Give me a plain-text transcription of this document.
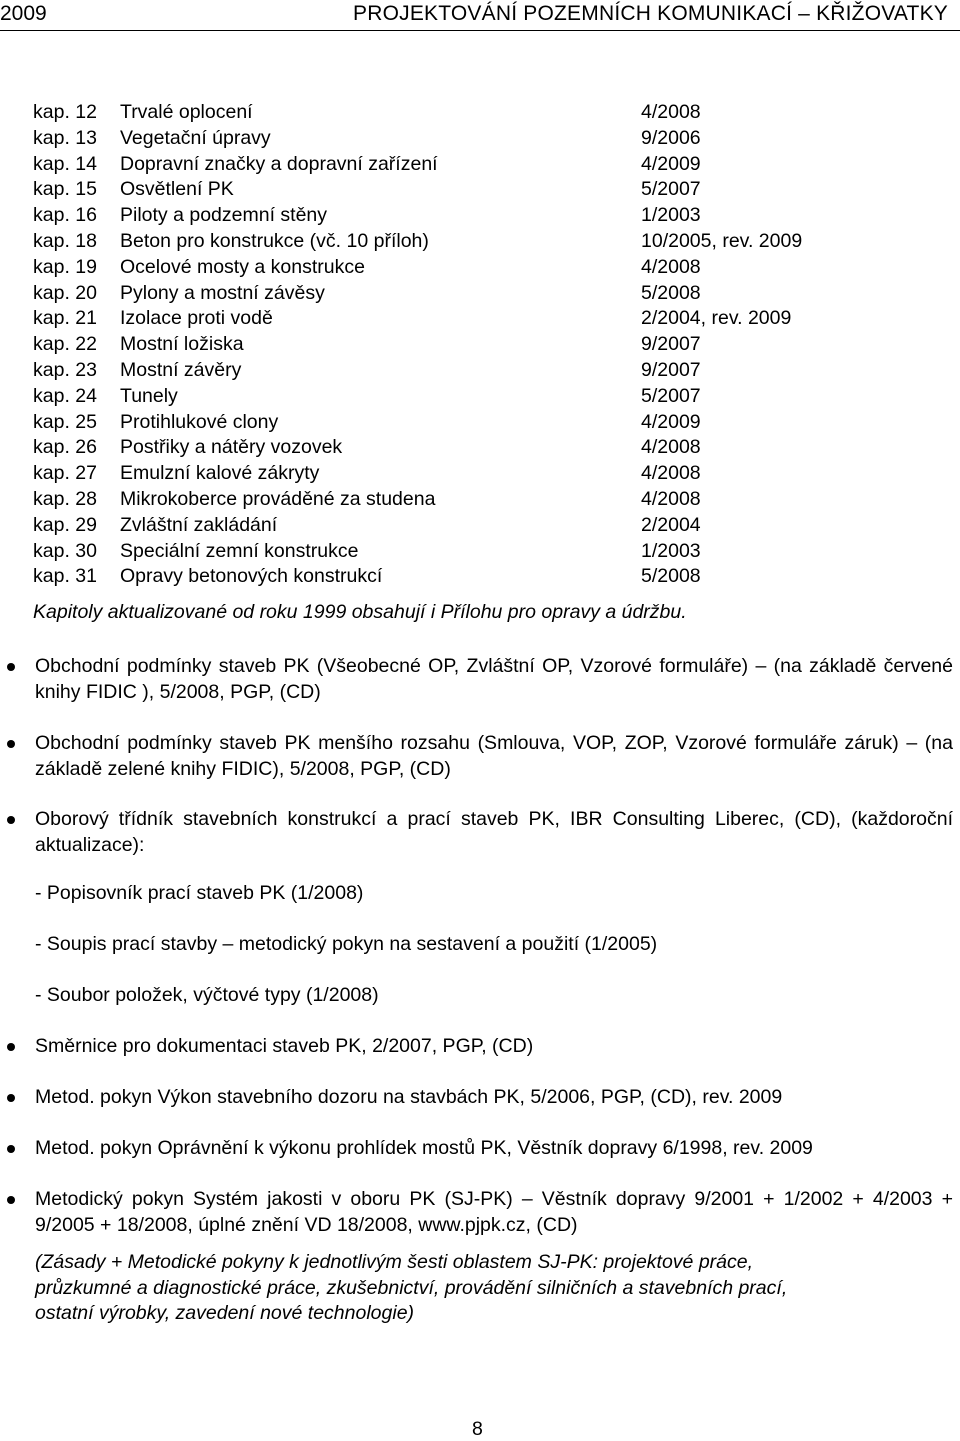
2009	PROJEKTOVÁNÍ POZEMNÍCH KOMUNIKACÍ – KŘIŽOVATKY
kap. 12 Trvalé oplocení	4/2008
kap. 13 Vegetační úpravy	9/2006
kap. 14 Dopravní značky a dopravní zařízení	4/2009
kap. 15 Osvětlení PK	5/2007
kap. 16 Piloty a podzemní stěny	1/2003
kap. 18 Beton pro konstrukce (vč. 10 příloh)	10/2005, rev. 2009
kap. 19 Ocelové mosty a konstrukce	4/2008
kap. 20 Pylony a mostní závěsy	5/2008
kap. 21 Izolace proti vodě	2/2004, rev. 2009
kap. 22 Mostní ložiska	9/2007
kap. 23 Mostní závěry	9/2007
kap. 24 Tunely	5/2007
kap. 25 Protihlukové clony	4/2009
kap. 26 Postřiky a nátěry vozovek	4/2008
kap. 27 Emulzní kalové zákryty	4/2008
kap. 28 Mikrokoberce prováděné za studena	4/2008
kap. 29 Zvláštní zakládání	2/2004
kap. 30 Speciální zemní konstrukce	1/2003
kap. 31 Opravy betonových konstrukcí	5/2008
Kapitoly aktualizované od roku 1999 obsahují i Přílohu pro opravy a údržbu.
Obchodní podmínky staveb PK (Všeobecné OP, Zvláštní OP, Vzorové formuláře) – (na základě červené knihy FIDIC ), 5/2008, PGP, (CD)
Obchodní podmínky staveb PK menšího rozsahu (Smlouva, VOP, ZOP, Vzorové formuláře záruk) – (na základě zelené knihy FIDIC), 5/2008, PGP, (CD)
Oborový třídník stavebních konstrukcí a prací staveb PK, IBR Consulting Liberec, (CD), (každoroční aktualizace):
Směrnice pro dokumentaci staveb PK, 2/2007, PGP, (CD)
Metod. pokyn Výkon stavebního dozoru na stavbách PK, 5/2006, PGP, (CD), rev. 2009
Metod. pokyn Oprávnění k výkonu prohlídek mostů PK, Věstník dopravy 6/1998, rev. 2009
Metodický pokyn Systém jakosti v oboru PK (SJ-PK) – Věstník dopravy 9/2001 + 1/2002 + 4/2003 + 9/2005 + 18/2008, úplné znění VD 18/2008, www.pjpk.cz, (CD)
- Popisovník prací staveb PK (1/2008)
- Soupis prací stavby – metodický pokyn na sestavení a použití (1/2005)
- Soubor položek, výčtové typy (1/2008)
(Zásady + Metodické pokyny k jednotlivým šesti oblastem SJ-PK: projektové práce,
průzkumné a diagnostické práce, zkušebnictví, provádění silničních a stavebních prací,
ostatní výrobky, zavedení nové technologie)
8
